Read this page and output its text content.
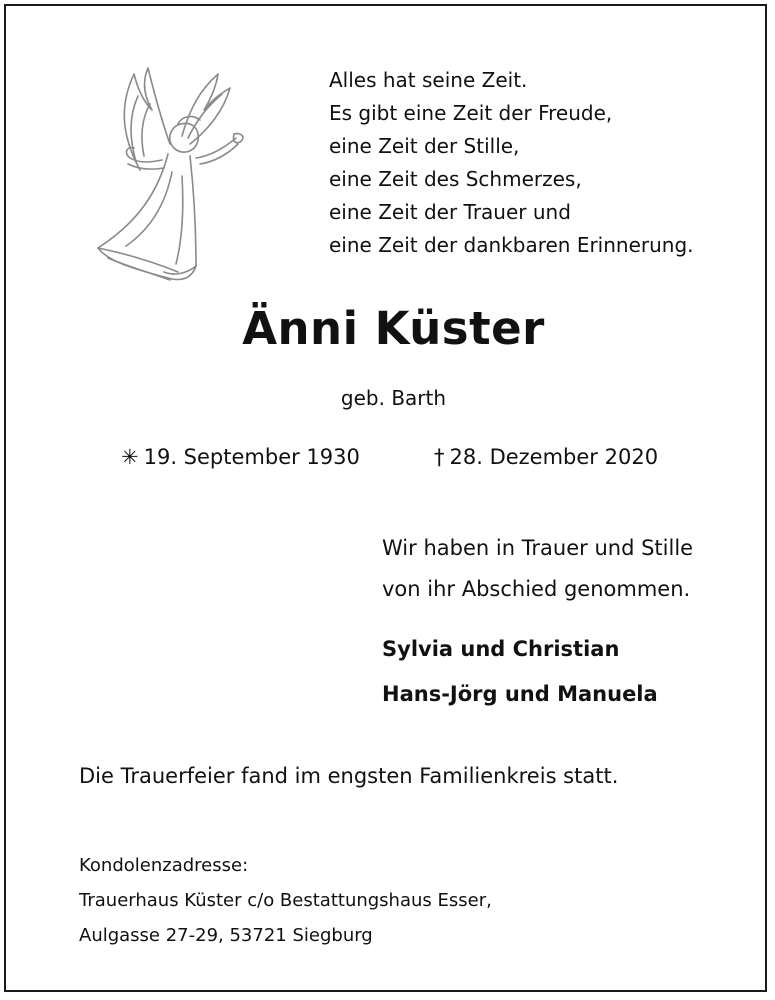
Alles hat seine Zeit.
Es gibt eine Zeit der Freude,
eine Zeit der Stille,
eine Zeit des Schmerzes,
eine Zeit der Trauer und
eine Zeit der dankbaren Erinnerung.
Änni Küster
geb. Barth
✳ 19. September 1930	† 28. Dezember 2020
Wir haben in Trauer und Stille
von ihr Abschied genommen.
Sylvia und Christian
Hans-Jörg und Manuela
Die Trauerfeier fand im engsten Familienkreis statt.
Kondolenzadresse:
Trauerhaus Küster c/o Bestattungshaus Esser,
Aulgasse 27-29, 53721 Siegburg
